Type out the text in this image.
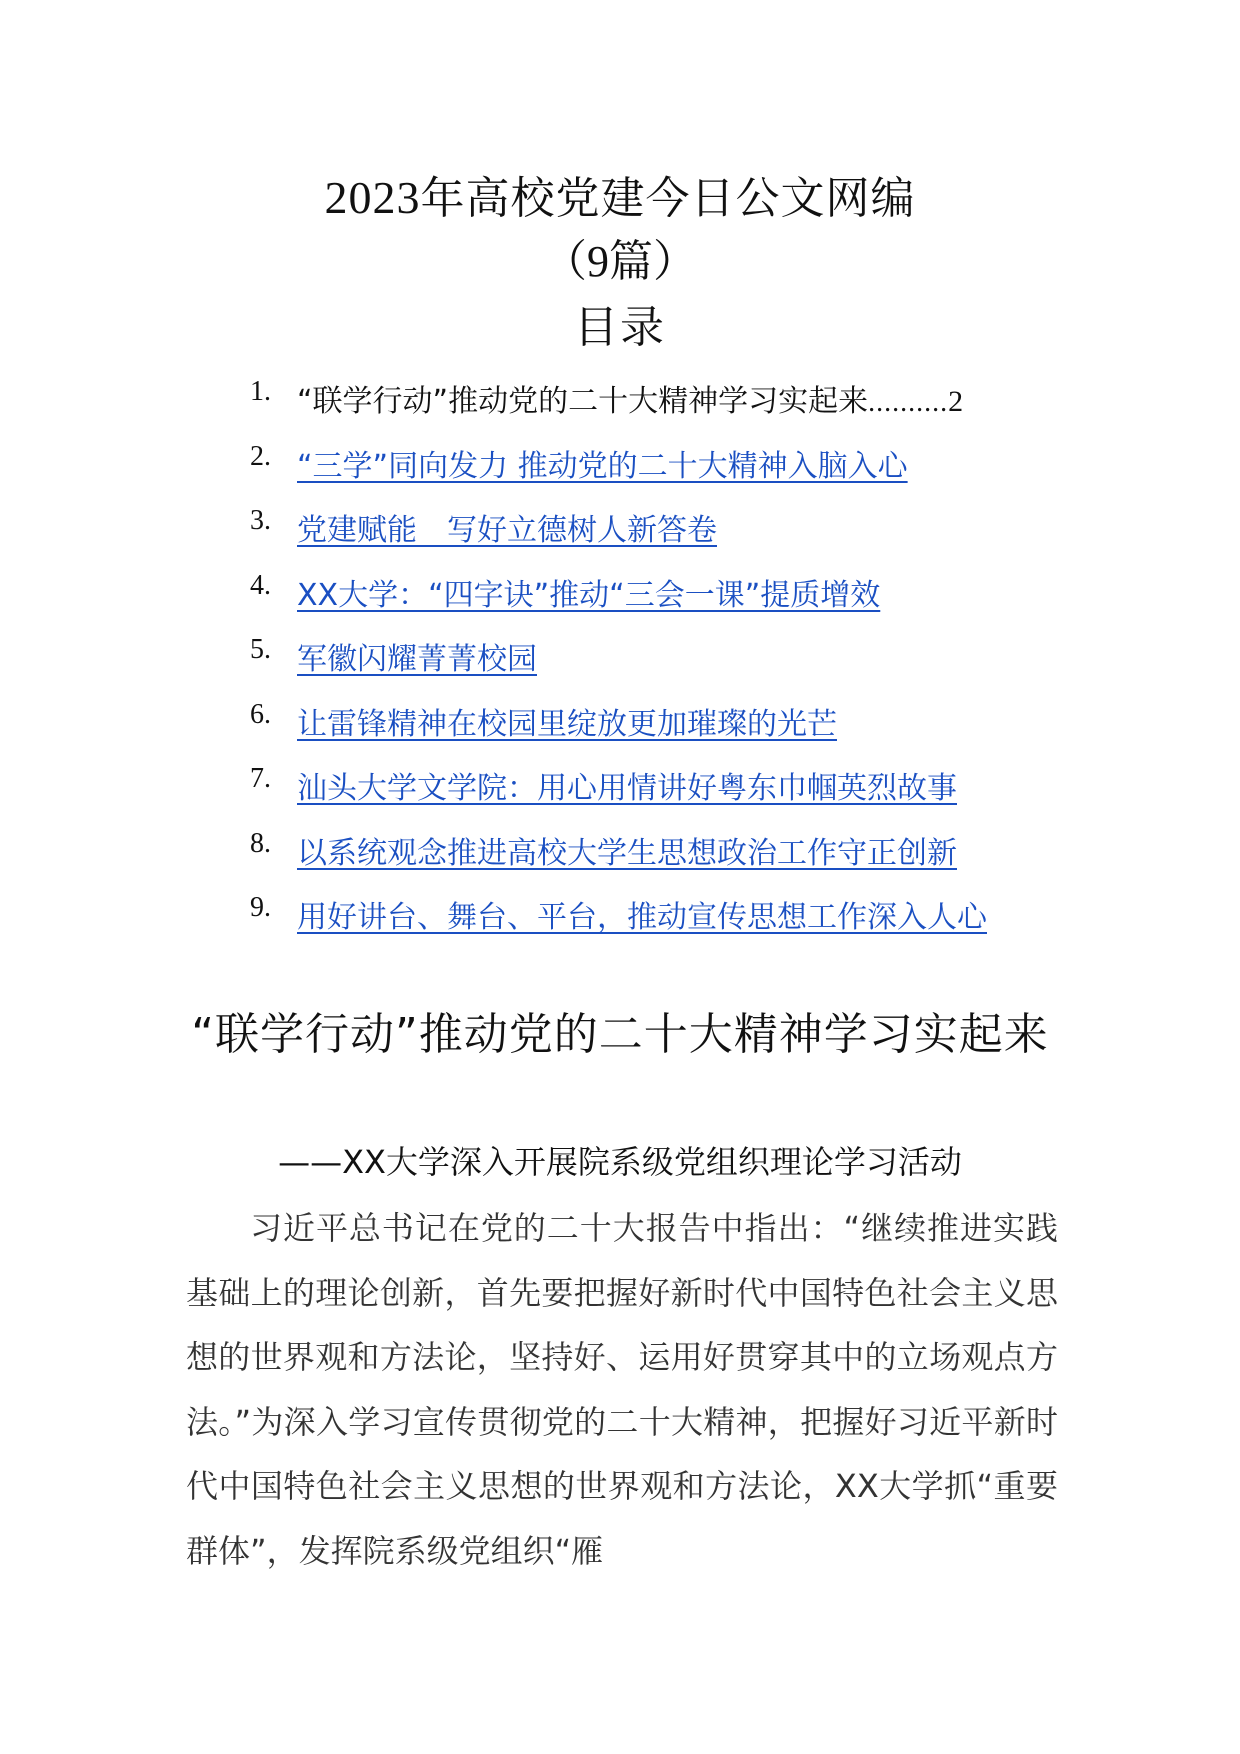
2023年高校党建今日公文网编
（9篇）
目录
1. “联学行动”推动党的二十大精神学习实起来..........2
2. “三学”同向发力 推动党的二十大精神入脑入心
3. 党建赋能　写好立德树人新答卷
4. XX大学：“四字诀”推动“三会一课”提质增效
5. 军徽闪耀菁菁校园
6. 让雷锋精神在校园里绽放更加璀璨的光芒
7. 汕头大学文学院：用心用情讲好粤东巾帼英烈故事
8. 以系统观念推进高校大学生思想政治工作守正创新
9. 用好讲台、舞台、平台，推动宣传思想工作深入人心
“联学行动”推动党的二十大精神学习实起来
——XX大学深入开展院系级党组织理论学习活动
习近平总书记在党的二十大报告中指出：“继续推进实践基础上的理论创新，首先要把握好新时代中国特色社会主义思想的世界观和方法论，坚持好、运用好贯穿其中的立场观点方法。”为深入学习宣传贯彻党的二十大精神，把握好习近平新时代中国特色社会主义思想的世界观和方法论，XX大学抓“重要群体”，发挥院系级党组织“雁
